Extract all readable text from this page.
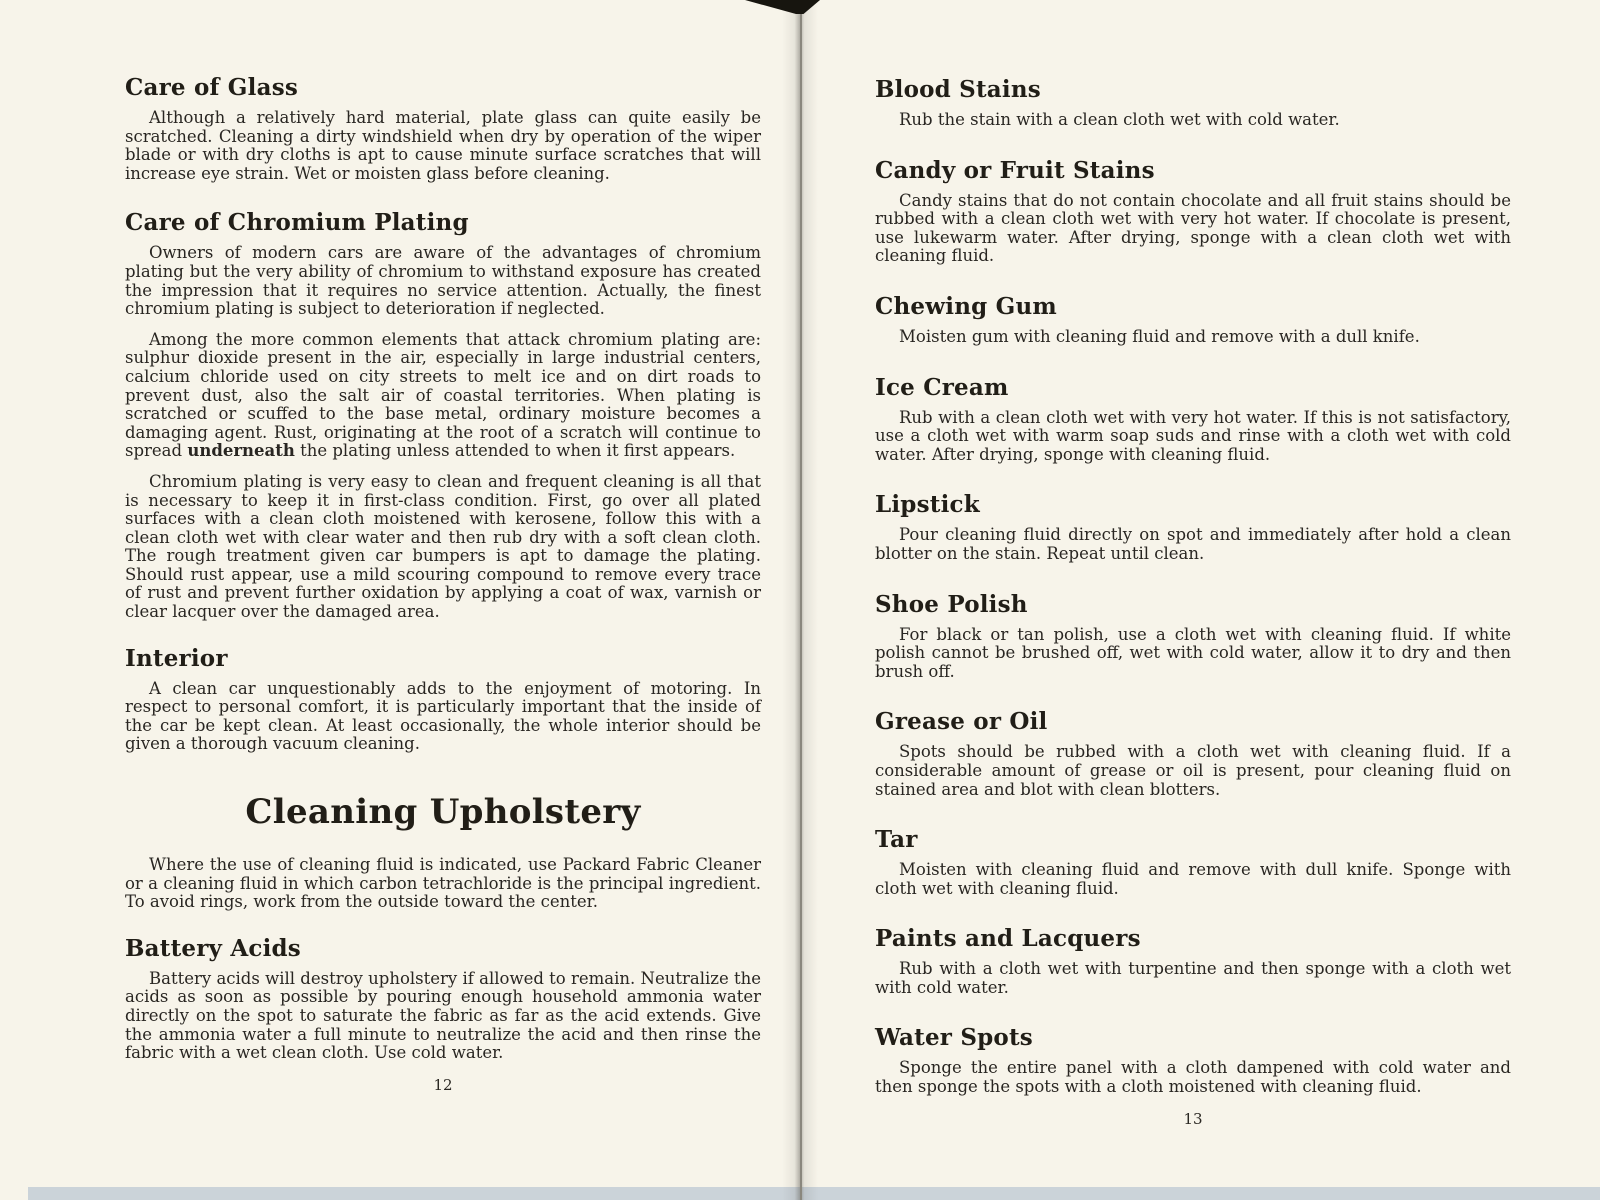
Care of Glass

Although a relatively hard material, plate glass can quite easily be scratched. Cleaning a dirty windshield when dry by operation of the wiper blade or with dry cloths is apt to cause minute surface scratches that will increase eye strain. Wet or moisten glass before cleaning.

Care of Chromium Plating

Owners of modern cars are aware of the advantages of chromium plating but the very ability of chromium to withstand exposure has created the impression that it requires no service attention. Actually, the finest chromium plating is subject to deterioration if neglected.

Among the more common elements that attack chromium plating are: sulphur dioxide present in the air, especially in large industrial centers, calcium chloride used on city streets to melt ice and on dirt roads to prevent dust, also the salt air of coastal territories. When plating is scratched or scuffed to the base metal, ordinary moisture becomes a damaging agent. Rust, originating at the root of a scratch will continue to spread underneath the plating unless attended to when it first appears.

Chromium plating is very easy to clean and frequent cleaning is all that is necessary to keep it in first-class condition. First, go over all plated surfaces with a clean cloth moistened with kerosene, follow this with a clean cloth wet with clear water and then rub dry with a soft clean cloth. The rough treatment given car bumpers is apt to damage the plating. Should rust appear, use a mild scouring compound to remove every trace of rust and prevent further oxidation by applying a coat of wax, varnish or clear lacquer over the damaged area.

Interior

A clean car unquestionably adds to the enjoyment of motoring. In respect to personal comfort, it is particularly important that the inside of the car be kept clean. At least occasionally, the whole interior should be given a thorough vacuum cleaning.

Cleaning Upholstery

Where the use of cleaning fluid is indicated, use Packard Fabric Cleaner or a cleaning fluid in which carbon tetrachloride is the principal ingredient. To avoid rings, work from the outside toward the center.

Battery Acids

Battery acids will destroy upholstery if allowed to remain. Neutralize the acids as soon as possible by pouring enough household ammonia water directly on the spot to saturate the fabric as far as the acid extends. Give the ammonia water a full minute to neutralize the acid and then rinse the fabric with a wet clean cloth. Use cold water.

12
Blood Stains

Rub the stain with a clean cloth wet with cold water.

Candy or Fruit Stains

Candy stains that do not contain chocolate and all fruit stains should be rubbed with a clean cloth wet with very hot water. If chocolate is present, use lukewarm water. After drying, sponge with a clean cloth wet with cleaning fluid.

Chewing Gum

Moisten gum with cleaning fluid and remove with a dull knife.

Ice Cream

Rub with a clean cloth wet with very hot water. If this is not satisfactory, use a cloth wet with warm soap suds and rinse with a cloth wet with cold water. After drying, sponge with cleaning fluid.

Lipstick

Pour cleaning fluid directly on spot and immediately after hold a clean blotter on the stain. Repeat until clean.

Shoe Polish

For black or tan polish, use a cloth wet with cleaning fluid. If white polish cannot be brushed off, wet with cold water, allow it to dry and then brush off.

Grease or Oil

Spots should be rubbed with a cloth wet with cleaning fluid. If a considerable amount of grease or oil is present, pour cleaning fluid on stained area and blot with clean blotters.

Tar

Moisten with cleaning fluid and remove with dull knife. Sponge with cloth wet with cleaning fluid.

Paints and Lacquers

Rub with a cloth wet with turpentine and then sponge with a cloth wet with cold water.

Water Spots

Sponge the entire panel with a cloth dampened with cold water and then sponge the spots with a cloth moistened with cleaning fluid.

13
